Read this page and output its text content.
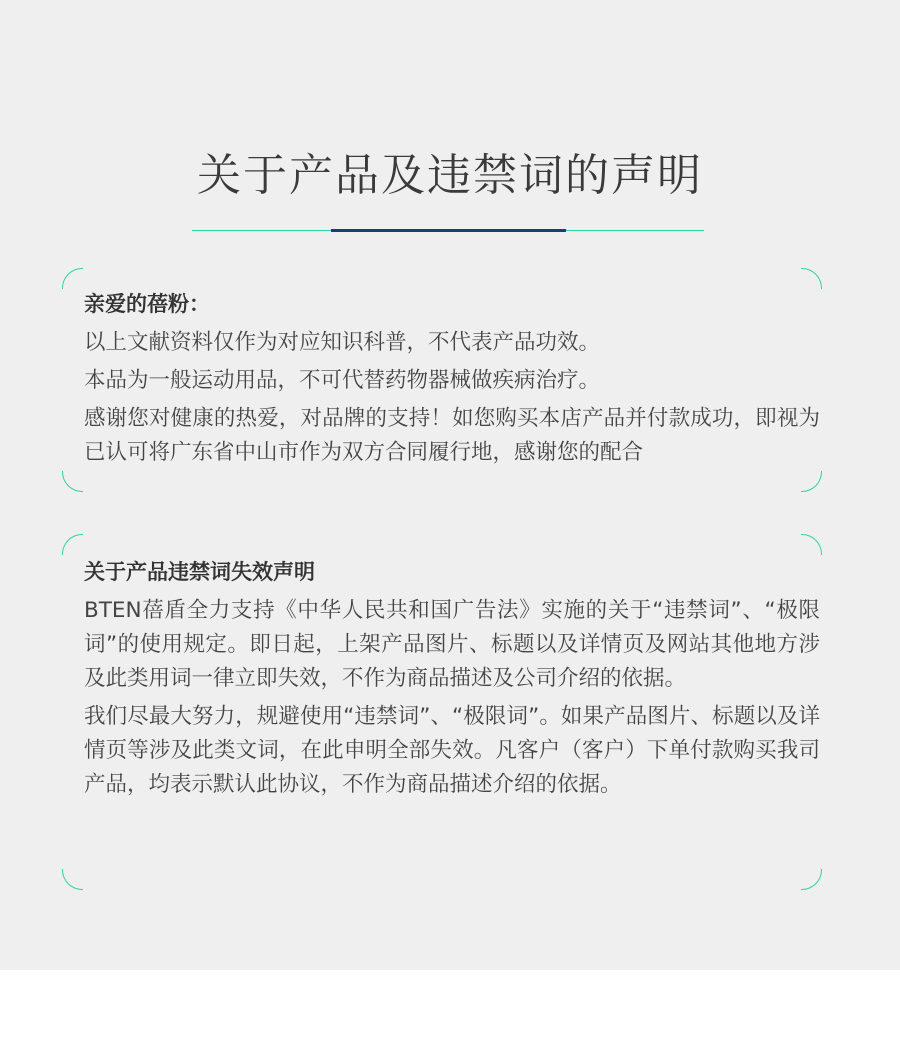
关于产品及违禁词的声明

亲爱的蓓粉：

以上文献资料仅作为对应知识科普，不代表产品功效。

本品为一般运动用品，不可代替药物器械做疾病治疗。

感谢您对健康的热爱，对品牌的支持！如您购买本店产品并付款成功，即视为已认可将广东省中山市作为双方合同履行地，感谢您的配合

关于产品违禁词失效声明

BTEN蓓盾全力支持《中华人民共和国广告法》实施的关于“违禁词”、“极限词”的使用规定。即日起，上架产品图片、标题以及详情页及网站其他地方涉及此类用词一律立即失效，不作为商品描述及公司介绍的依据。

我们尽最大努力，规避使用“违禁词”、“极限词”。如果产品图片、标题以及详情页等涉及此类文词，在此申明全部失效。凡客户（客户）下单付款购买我司产品，均表示默认此协议，不作为商品描述介绍的依据。
